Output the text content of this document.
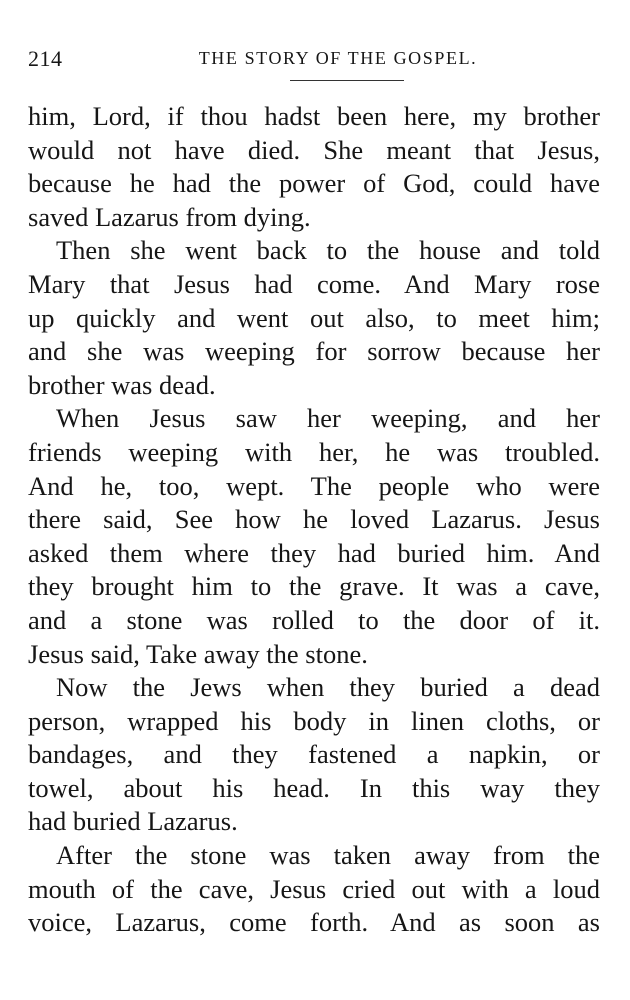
214	THE STORY OF THE GOSPEL.
him, Lord, if thou hadst been here, my brother
would not have died. She meant that Jesus,
because he had the power of God, could have
saved Lazarus from dying.
Then she went back to the house and told
Mary that Jesus had come. And Mary rose
up quickly and went out also, to meet him;
and she was weeping for sorrow because her
brother was dead.
When Jesus saw her weeping, and her
friends weeping with her, he was troubled.
And he, too, wept. The people who were
there said, See how he loved Lazarus. Jesus
asked them where they had buried him. And
they brought him to the grave. It was a cave,
and a stone was rolled to the door of it.
Jesus said, Take away the stone.
Now the Jews when they buried a dead
person, wrapped his body in linen cloths, or
bandages, and they fastened a napkin, or
towel, about his head. In this way they
had buried Lazarus.
After the stone was taken away from the
mouth of the cave, Jesus cried out with a loud
voice, Lazarus, come forth. And as soon as
